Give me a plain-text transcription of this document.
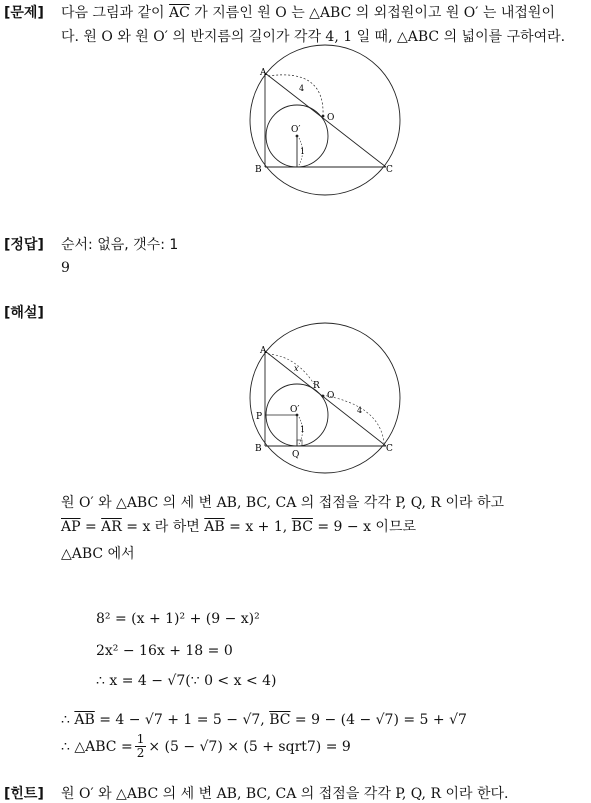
[문제] 다음 그림과 같이 $\overline{AC}$ 가 지름인 원 O 는 △ABC 의 외접원이고 원 O′ 는 내접원이
다. 원 O 와 원 O′ 의 반지름의 길이가 각각 4, 1 일 때, △ABC 의 넓이를 구하여라.
A
B	C
O
O′
4
1
[정답] 순서: 없음, 갯수: 1
9
[해설]
A
B	C
O
O′
P
Q
R
x
4
1
원 O′ 와 △ABC 의 세 변 AB, BC, CA 의 접점을 각각 P, Q, R 이라 하고
$\overline{AP} = \overline{AR} = x$ 라 하면 $\overline{AB} = x + 1$, $\overline{BC} = 9 - x$ 이므로
△ABC 에서
8² = (x + 1)² + (9 − x)²
2x² − 16x + 18 = 0
∴ x = 4 − √7(∵ 0 < x < 4)
∴ $\overline{AB} = 4 - √7 + 1 = 5 - √7$, $\overline{BC} = 9 - (4 - √7) = 5 + √7$
∴ △ABC = $\frac{1}{2} \times (5 - √7) \times (5$ + sqrt7) = 9
[힌트] 원 O′ 와 △ABC 의 세 변 AB, BC, CA 의 접점을 각각 P, Q, R 이라 한다.
